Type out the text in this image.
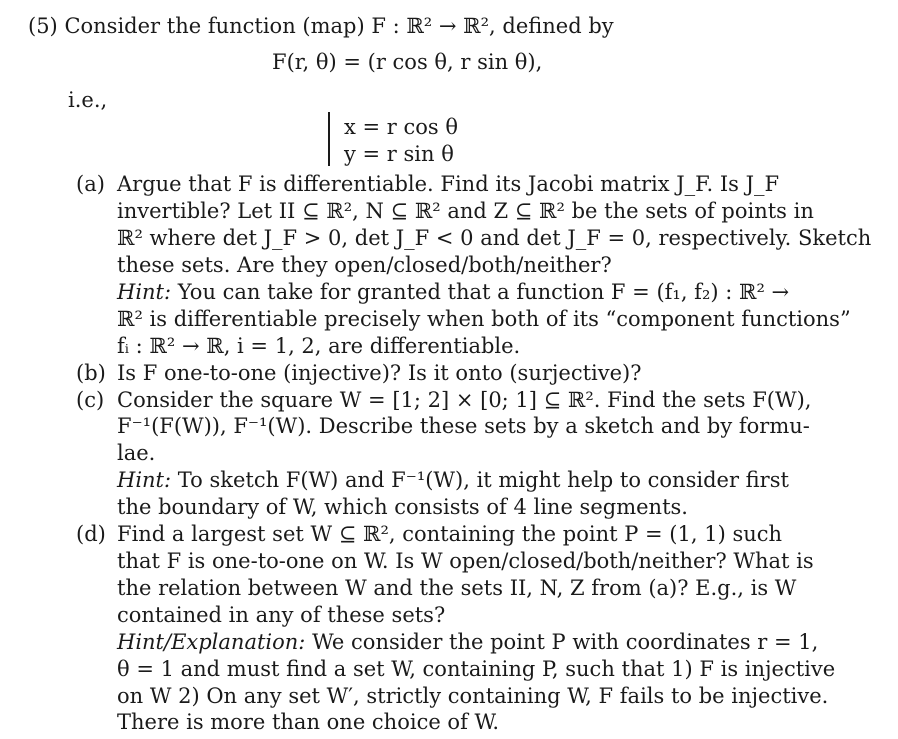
(5) Consider the function (map) F : ℝ² → ℝ², defined by
F(r, θ) = (r cos θ, r sin θ),
i.e.,
x = r cos θ
y = r sin θ
(a) Argue that F is differentiable. Find its Jacobi matrix J_F. Is J_F
invertible? Let II ⊆ ℝ², N ⊆ ℝ² and Z ⊆ ℝ² be the sets of points in
ℝ² where det J_F > 0, det J_F < 0 and det J_F = 0, respectively. Sketch
these sets. Are they open/closed/both/neither?
Hint: You can take for granted that a function F = (f₁, f₂) : ℝ² →
ℝ² is differentiable precisely when both of its “component functions”
fᵢ : ℝ² → ℝ, i = 1, 2, are differentiable.
(b) Is F one-to-one (injective)? Is it onto (surjective)?
(c) Consider the square W = [1; 2] × [0; 1] ⊆ ℝ². Find the sets F(W),
F⁻¹(F(W)), F⁻¹(W). Describe these sets by a sketch and by formu-
lae.
Hint: To sketch F(W) and F⁻¹(W), it might help to consider first
the boundary of W, which consists of 4 line segments.
(d) Find a largest set W ⊆ ℝ², containing the point P = (1, 1) such
that F is one-to-one on W. Is W open/closed/both/neither? What is
the relation between W and the sets II, N, Z from (a)? E.g., is W
contained in any of these sets?
Hint/Explanation: We consider the point P with coordinates r = 1,
θ = 1 and must find a set W, containing P, such that 1) F is injective
on W 2) On any set W′, strictly containing W, F fails to be injective.
There is more than one choice of W.
